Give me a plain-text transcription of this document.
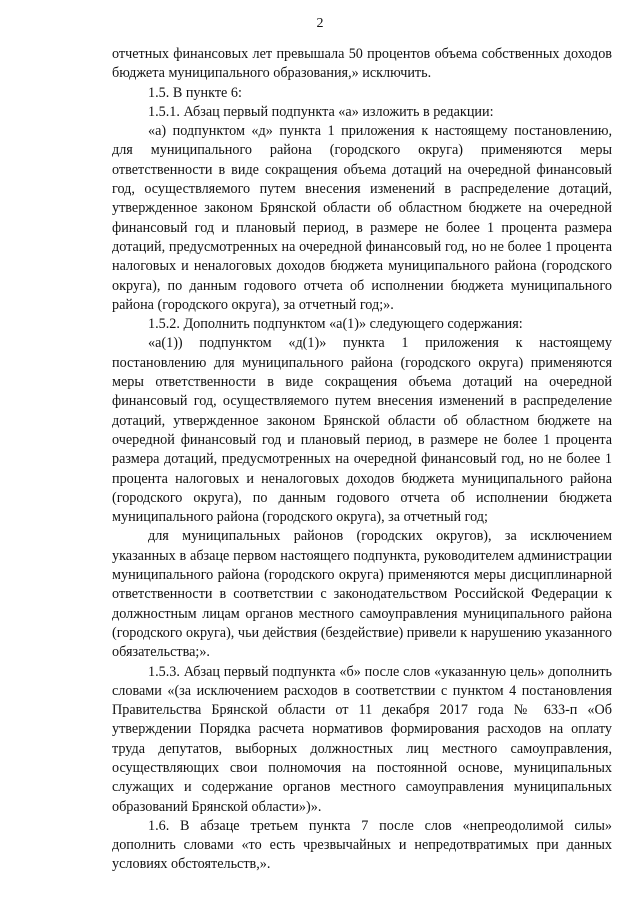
2

отчетных финансовых лет превышала 50 процентов объема собственных доходов бюджета муниципального образования,» исключить.

1.5. В пункте 6:

1.5.1. Абзац первый подпункта «а» изложить в редакции:

«а) подпунктом «д» пункта 1 приложения к настоящему постановлению, для муниципального района (городского округа) применяются меры ответственности в виде сокращения объема дотаций на очередной финансовый год, осуществляемого путем внесения изменений в распределение дотаций, утвержденное законом Брянской области об областном бюджете на очередной финансовый год и плановый период, в размере не более 1 процента размера дотаций, предусмотренных на очередной финансовый год, но не более 1 процента налоговых и неналоговых доходов бюджета муниципального района (городского округа), по данным годового отчета об исполнении бюджета муниципального района (городского округа), за отчетный год;».

1.5.2. Дополнить подпунктом «а(1)» следующего содержания:

«а(1)) подпунктом «д(1)» пункта 1 приложения к настоящему постановлению для муниципального района (городского округа) применяются меры ответственности в виде сокращения объема дотаций на очередной финансовый год, осуществляемого путем внесения изменений в распределение дотаций, утвержденное законом Брянской области об областном бюджете на очередной финансовый год и плановый период, в размере не более 1 процента размера дотаций, предусмотренных на очередной финансовый год, но не более 1 процента налоговых и неналоговых доходов бюджета муниципального района (городского округа), по данным годового отчета об исполнении бюджета муниципального района (городского округа), за отчетный год;

для муниципальных районов (городских округов), за исключением указанных в абзаце первом настоящего подпункта, руководителем администрации муниципального района (городского округа) применяются меры дисциплинарной ответственности в соответствии с законодательством Российской Федерации к должностным лицам органов местного самоуправления муниципального района (городского округа), чьи действия (бездействие) привели к нарушению указанного обязательства;».

1.5.3. Абзац первый подпункта «б» после слов «указанную цель» дополнить словами «(за исключением расходов в соответствии с пунктом 4 постановления Правительства Брянской области от 11 декабря 2017 года № 633-п «Об утверждении Порядка расчета нормативов формирования расходов на оплату труда депутатов, выборных должностных лиц местного самоуправления, осуществляющих свои полномочия на постоянной основе, муниципальных служащих и содержание органов местного самоуправления муниципальных образований Брянской области»)».

1.6. В абзаце третьем пункта 7 после слов «непреодолимой силы» дополнить словами «то есть чрезвычайных и непредотвратимых при данных условиях обстоятельств,».
